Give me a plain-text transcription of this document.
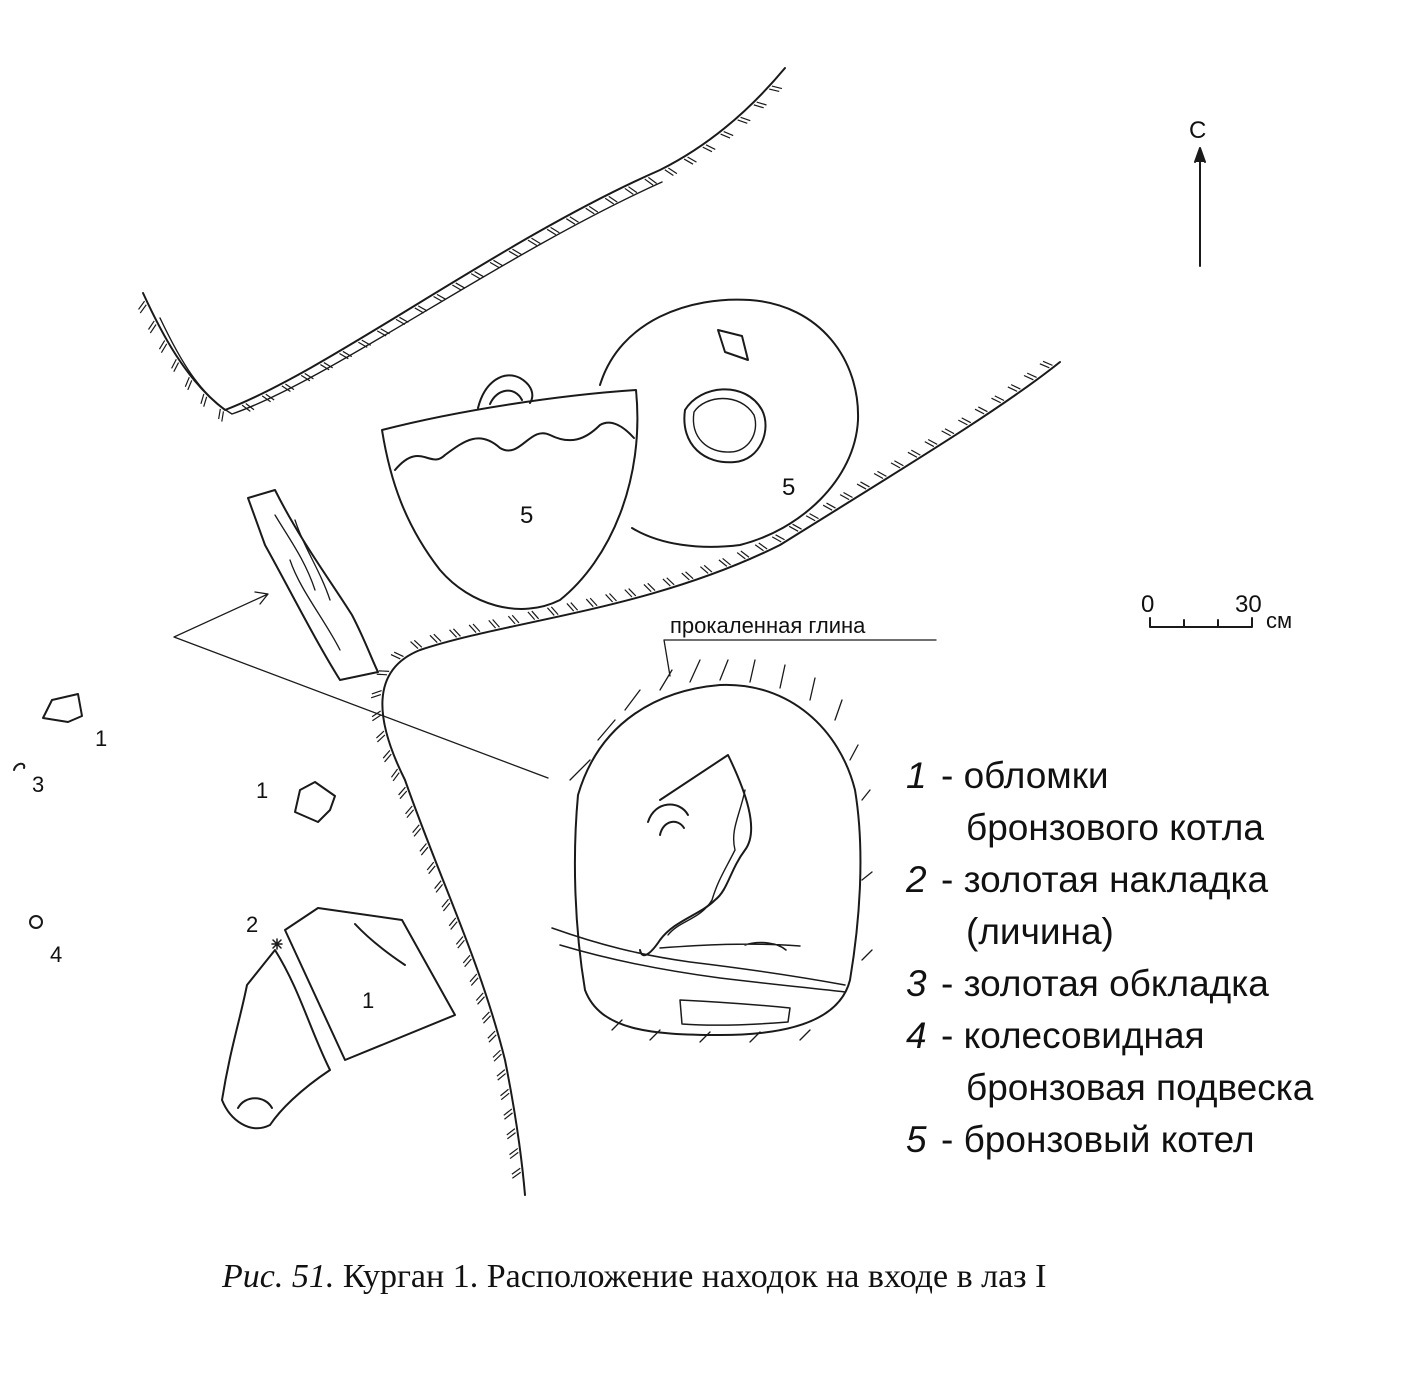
С
0	30
см
прокаленная глина
5
5
1
3	1
2
4
1
1 - обломки
бронзового котла
2 - золотая накладка
(личина)
3 - золотая обкладка
4 - колесовидная
бронзовая подвеска
5 - бронзовый котел
Рис. 51. Курган 1. Расположение находок на входе в лаз I
